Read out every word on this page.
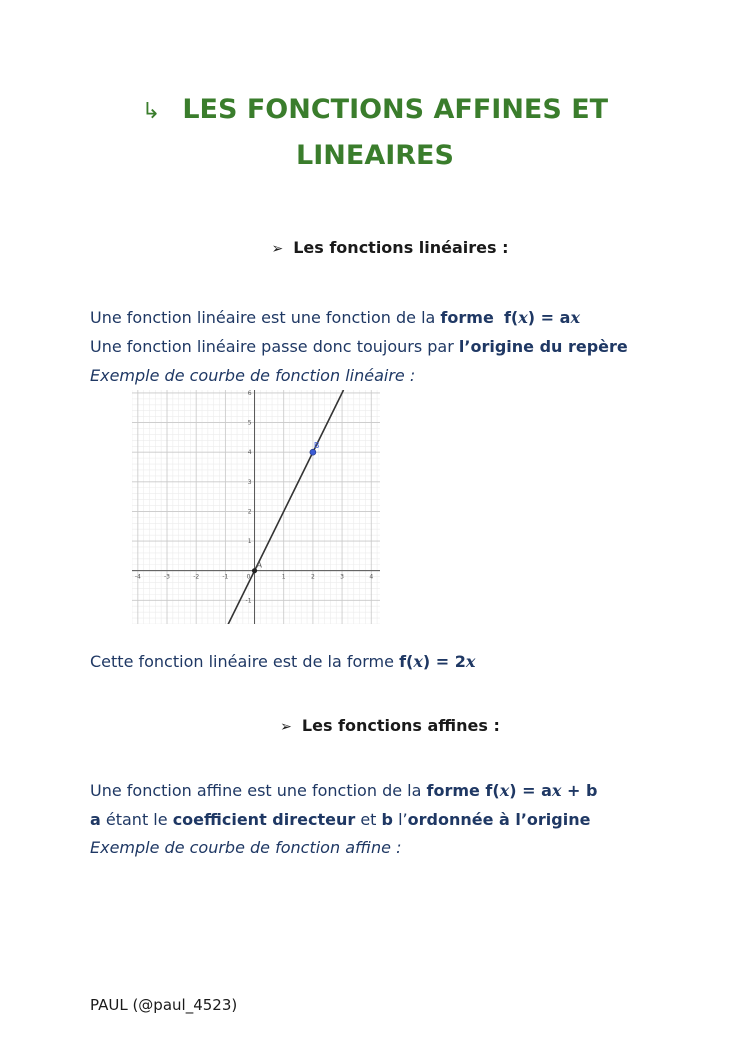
↳ LES FONCTIONS AFFINES ET
LINEAIRES
➢ Les fonctions linéaires :
Une fonction linéaire est une fonction de la forme f(x) = ax
Une fonction linéaire passe donc toujours par l’origine du repère
Exemple de courbe de fonction linéaire :
-4	-3	-2	-1	0	1	2	3	4
-1
1
2
3
4
5
6
A
B
Cette fonction linéaire est de la forme f(x) = 2x
➢ Les fonctions affines :
Une fonction affine est une fonction de la forme f(x) = ax + b
a étant le coefficient directeur et b l’ordonnée à l’origine
Exemple de courbe de fonction affine :
PAUL (@paul_4523)
